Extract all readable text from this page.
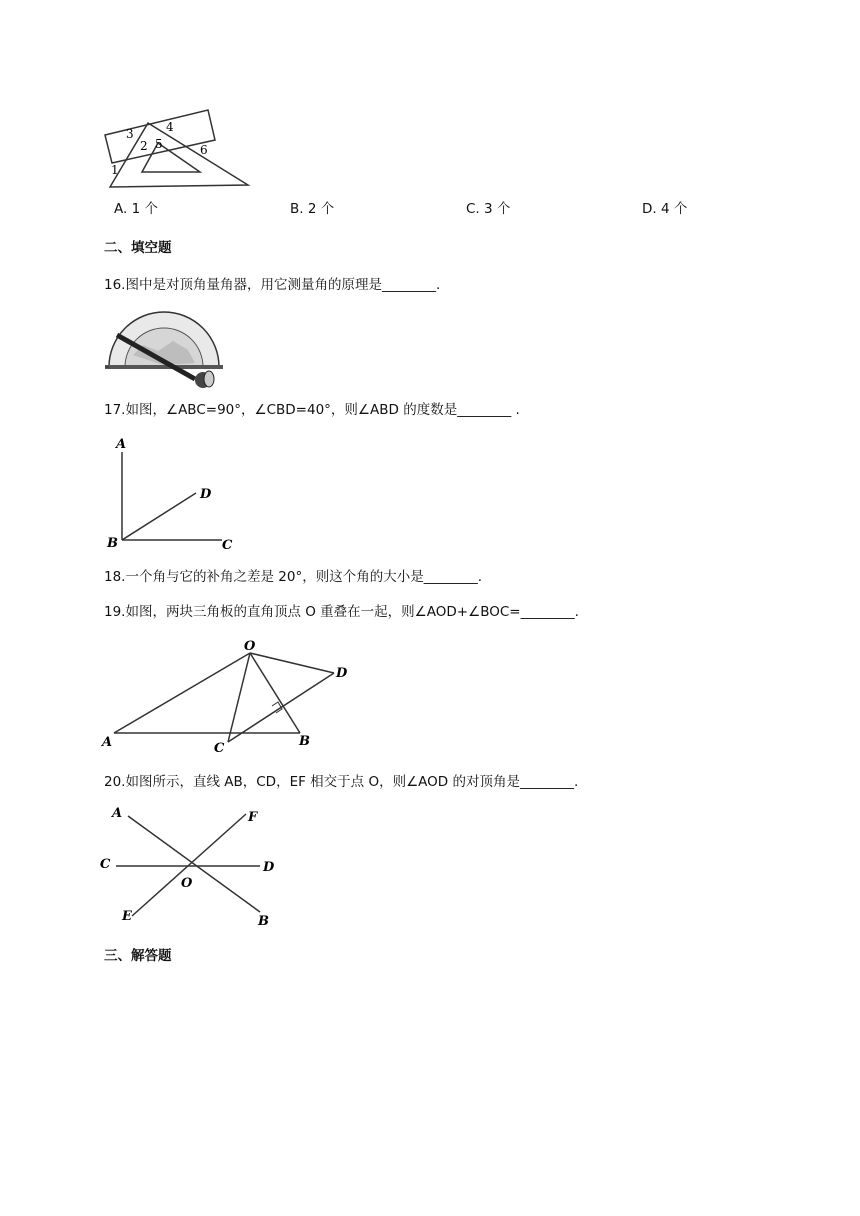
3	4
2 5	6
1
A. 1 个	B. 2 个	C. 3 个	D. 4 个
二、填空题
16.图中是对顶角量角器，用它测量角的原理是________.
17.如图，∠ABC=90°，∠CBD=40°，则∠ABD 的度数是________ .
A
D
B	C
18.一个角与它的补角之差是 20°，则这个角的大小是________.
19.如图，两块三角板的直角顶点 O 重叠在一起，则∠AOD+∠BOC=________.
O
D
A	C	B
20.如图所示，直线 AB，CD，EF 相交于点 O，则∠AOD 的对顶角是________.
A	F
C	D
O
E	B
三、解答题
